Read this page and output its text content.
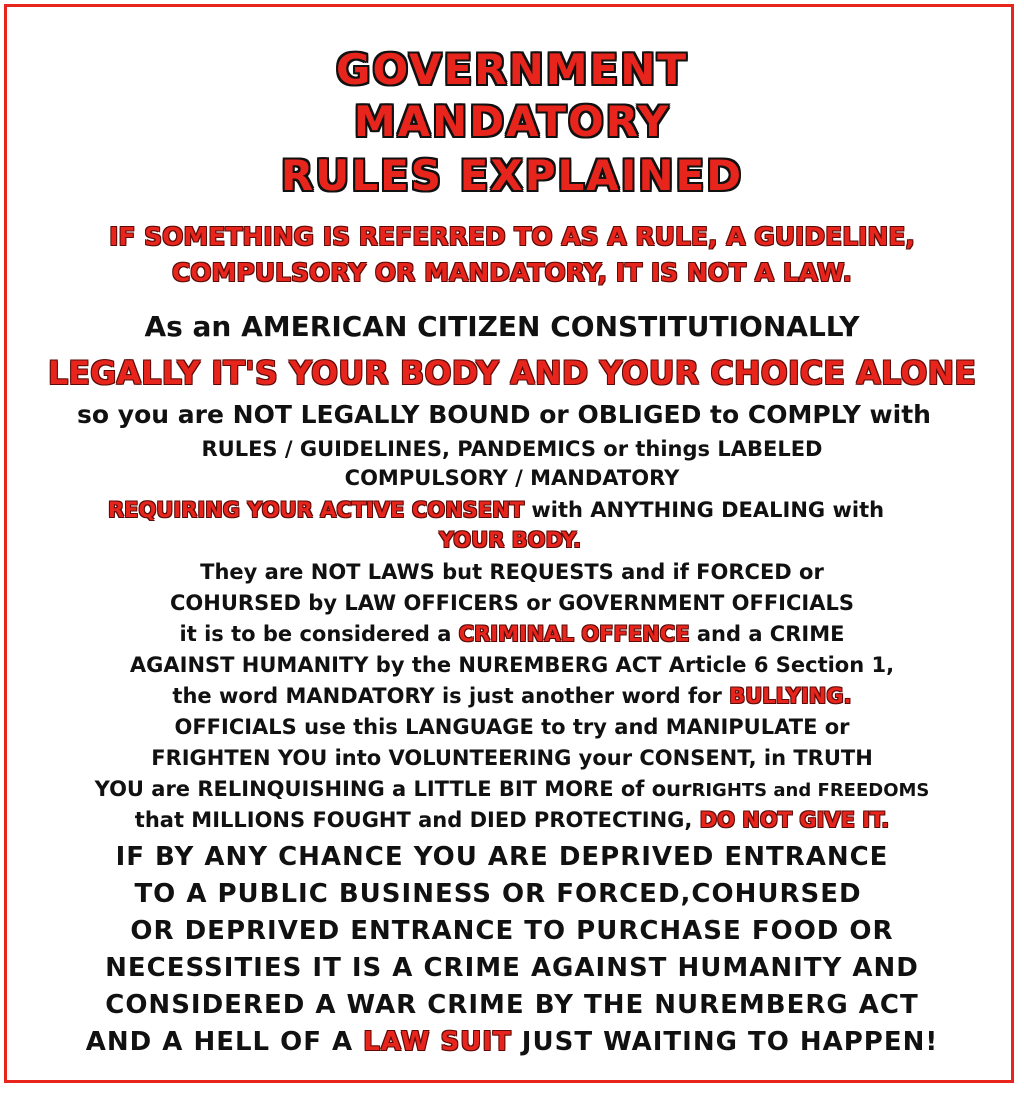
GOVERNMENT
MANDATORY
RULES EXPLAINED
IF SOMETHING IS REFERRED TO AS A RULE, A GUIDELINE,
COMPULSORY OR MANDATORY, IT IS NOT A LAW.
As an AMERICAN CITIZEN CONSTITUTIONALLY
LEGALLY IT'S YOUR BODY AND YOUR CHOICE ALONE
so you are NOT LEGALLY BOUND or OBLIGED to COMPLY with
RULES / GUIDELINES, PANDEMICS or things LABELED
COMPULSORY / MANDATORY
REQUIRING YOUR ACTIVE CONSENT with ANYTHING DEALING with
YOUR BODY.
They are NOT LAWS but REQUESTS and if FORCED or
COHURSED by LAW OFFICERS or GOVERNMENT OFFICIALS
it is to be considered a CRIMINAL OFFENCE and a CRIME
AGAINST HUMANITY by the NUREMBERG ACT Article 6 Section 1,
the word MANDATORY is just another word for BULLYING.
OFFICIALS use this LANGUAGE to try and MANIPULATE or
FRIGHTEN YOU into VOLUNTEERING your CONSENT, in TRUTH
YOU are RELINQUISHING a LITTLE BIT MORE of ourRIGHTS and FREEDOMS
that MILLIONS FOUGHT and DIED PROTECTING, DO NOT GIVE IT.
IF BY ANY CHANCE YOU ARE DEPRIVED ENTRANCE
TO A PUBLIC BUSINESS OR FORCED,COHURSED
OR DEPRIVED ENTRANCE TO PURCHASE FOOD OR
NECESSITIES IT IS A CRIME AGAINST HUMANITY AND
CONSIDERED A WAR CRIME BY THE NUREMBERG ACT
AND A HELL OF A LAW SUIT JUST WAITING TO HAPPEN!
